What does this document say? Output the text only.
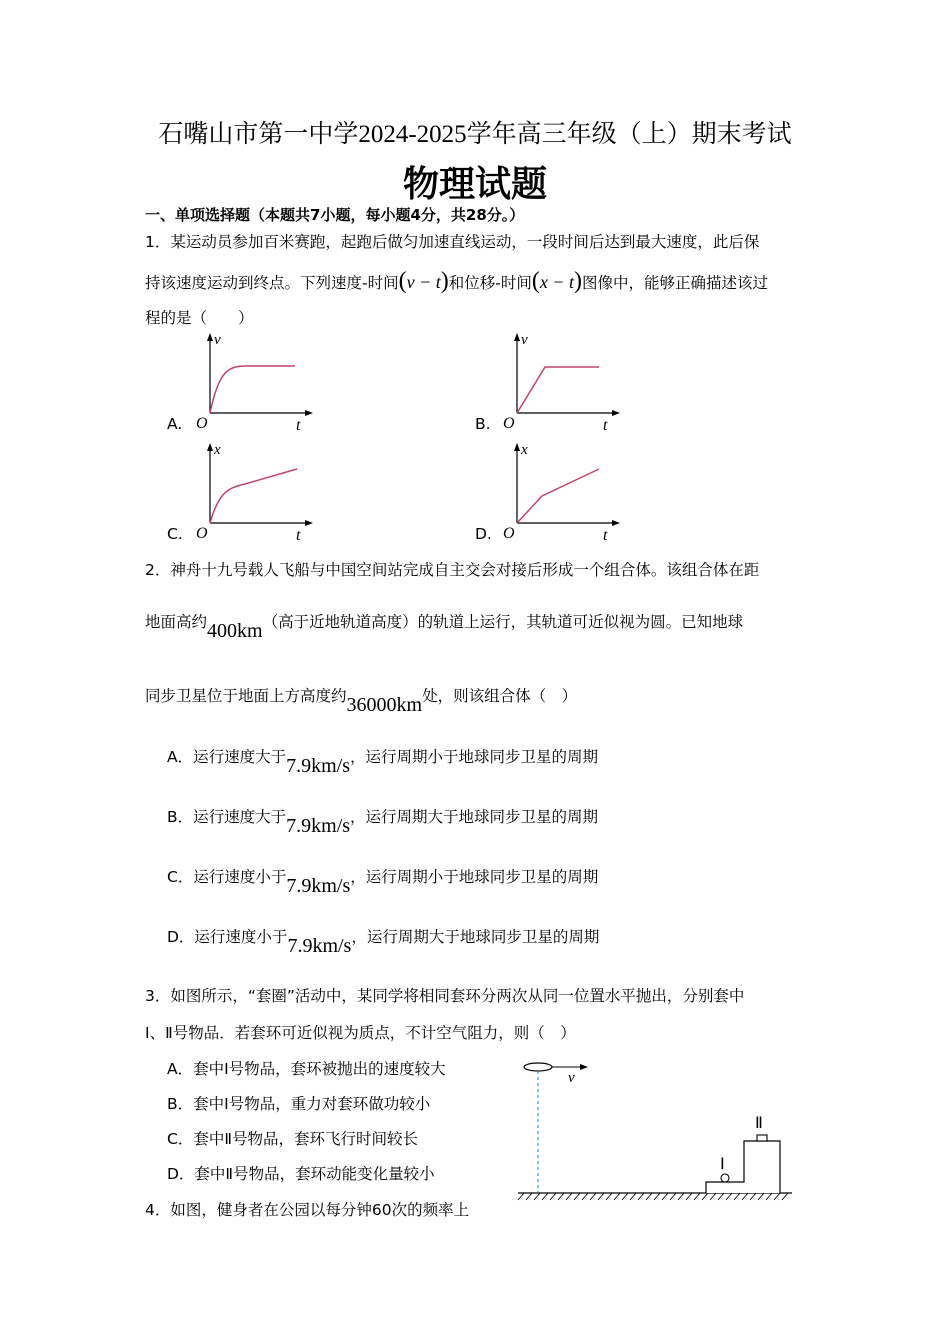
石嘴山市第一中学2024-2025学年高三年级（上）期末考试
物理试题
一、单项选择题（本题共7小题，每小题4分，共28分。）
1．某运动员参加百米赛跑，起跑后做匀加速直线运动，一段时间后达到最大速度，此后保
持该速度运动到终点。下列速度-时间(v − t)和位移-时间(x − t)图像中，能够正确描述该过
程的是（　　）
A.
v
O	t	B.
v
O	t
C.
x
O	t	D.
x
O	t
2．神舟十九号载人飞船与中国空间站完成自主交会对接后形成一个组合体。该组合体在距
地面高约400km（高于近地轨道高度）的轨道上运行，其轨道可近似视为圆。已知地球
同步卫星位于地面上方高度约36000km处，则该组合体（　）
A．运行速度大于7.9km/s，运行周期小于地球同步卫星的周期
B．运行速度大于7.9km/s，运行周期大于地球同步卫星的周期
C．运行速度小于7.9km/s，运行周期小于地球同步卫星的周期
D．运行速度小于7.9km/s，运行周期大于地球同步卫星的周期
3．如图所示，“套圈”活动中，某同学将相同套环分两次从同一位置水平抛出，分别套中
Ⅰ、Ⅱ号物品．若套环可近似视为质点，不计空气阻力，则（　）
A．套中Ⅰ号物品，套环被抛出的速度较大
B．套中Ⅰ号物品，重力对套环做功较小
C．套中Ⅱ号物品，套环飞行时间较长
D．套中Ⅱ号物品，套环动能变化量较小
v
Ⅰ
Ⅱ
4．如图，健身者在公园以每分钟60次的频率上
